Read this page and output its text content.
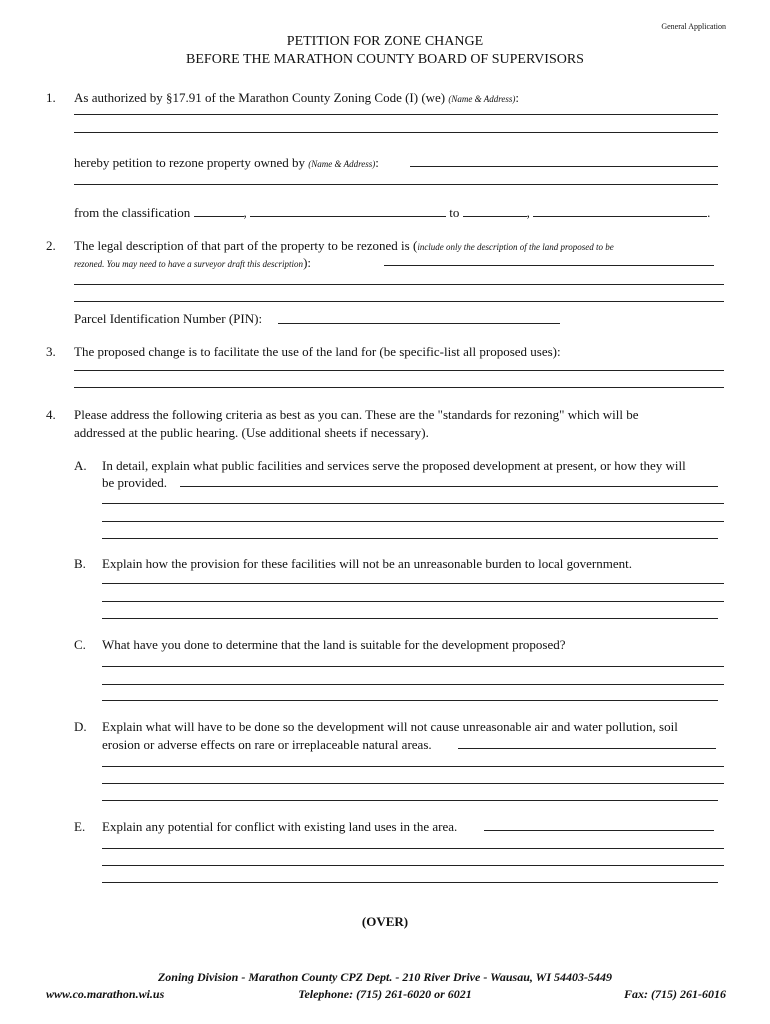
General Application
PETITION FOR ZONE CHANGE
BEFORE THE MARATHON COUNTY BOARD OF SUPERVISORS
1. As authorized by §17.91 of the Marathon County Zoning Code (I) (we) (Name & Address):
hereby petition to rezone property owned by (Name & Address):
from the classification	,	to	,	.
2. The legal description of that part of the property to be rezoned is (include only the description of the land proposed to be
rezoned. You may need to have a surveyor draft this description):
Parcel Identification Number (PIN):
3. The proposed change is to facilitate the use of the land for (be specific-list all proposed uses):
4. Please address the following criteria as best as you can. These are the "standards for rezoning" which will be
addressed at the public hearing. (Use additional sheets if necessary).
A. In detail, explain what public facilities and services serve the proposed development at present, or how they will
be provided.
B. Explain how the provision for these facilities will not be an unreasonable burden to local government.
C. What have you done to determine that the land is suitable for the development proposed?
D. Explain what will have to be done so the development will not cause unreasonable air and water pollution, soil
erosion or adverse effects on rare or irreplaceable natural areas.
E. Explain any potential for conflict with existing land uses in the area.
(OVER)
Zoning Division - Marathon County CPZ Dept. - 210 River Drive - Wausau, WI 54403-5449
www.co.marathon.wi.us	Telephone: (715) 261-6020 or 6021	Fax: (715) 261-6016
